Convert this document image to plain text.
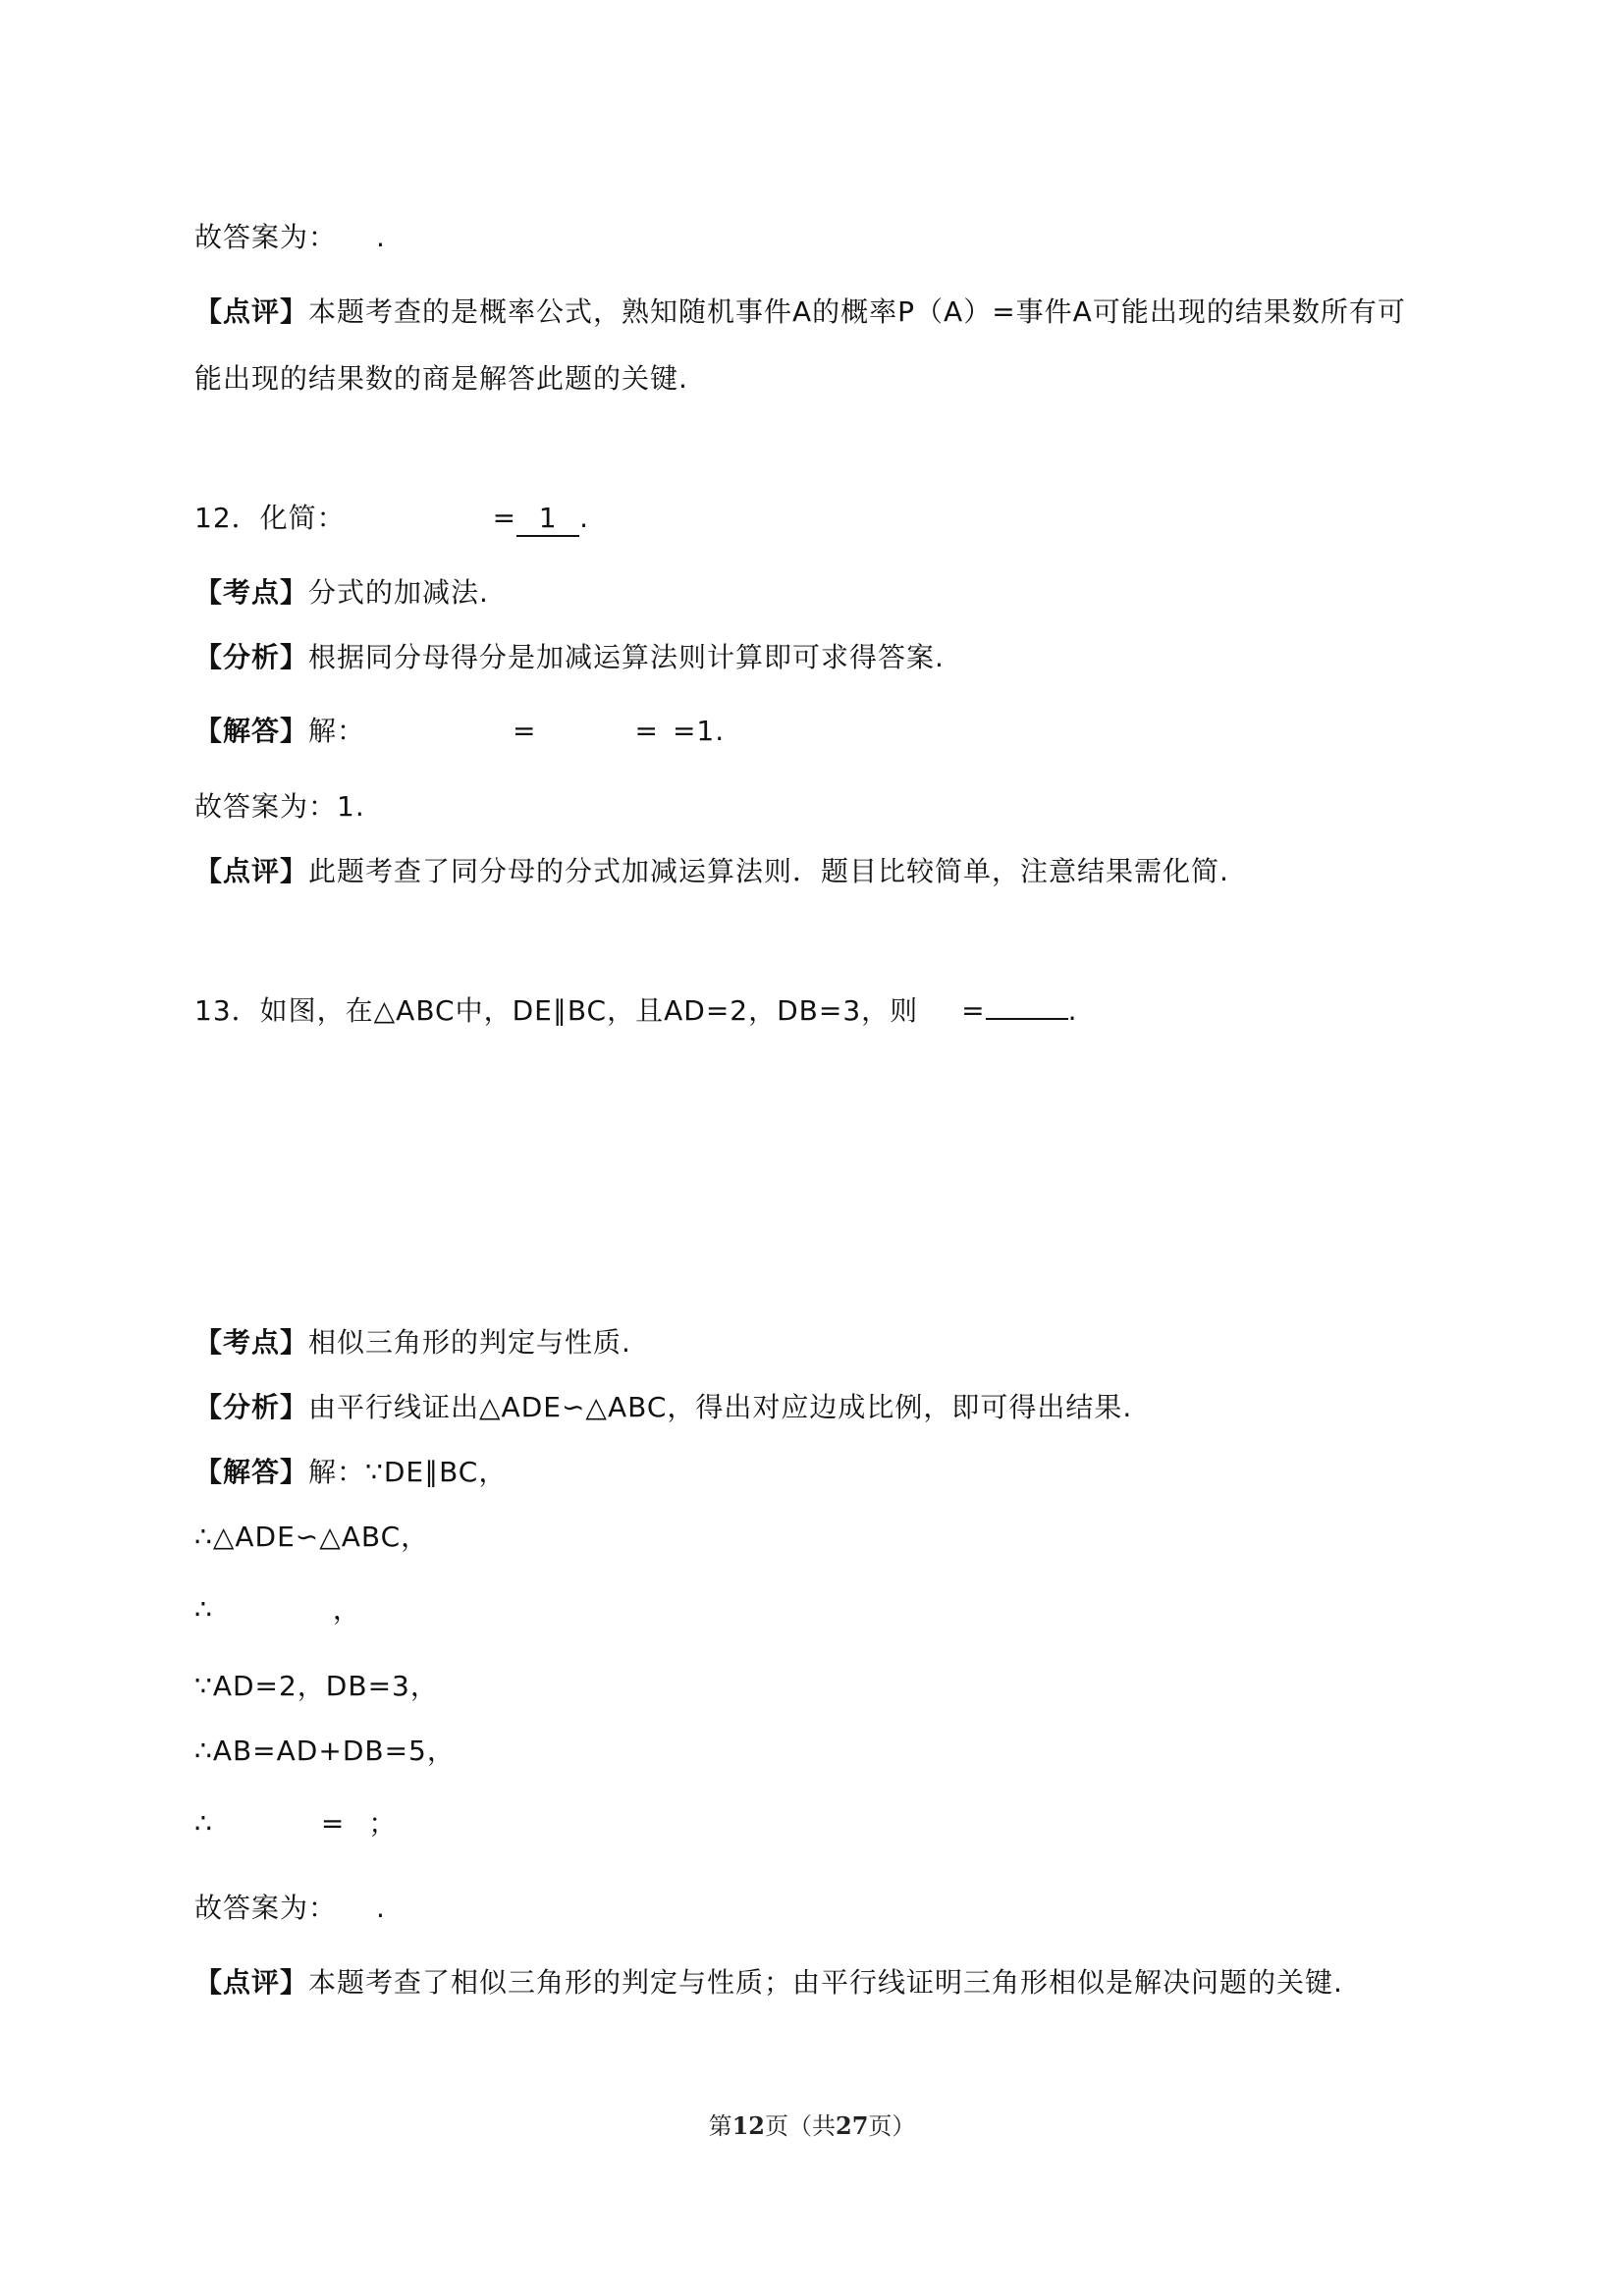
故答案为： .
【点评】本题考查的是概率公式，熟知随机事件A的概率P（A）=事件A可能出现的结果数所有可
能出现的结果数的商是解答此题的关键.
12．化简：	= 1 .
【考点】分式的加减法.
【分析】根据同分母得分是加减运算法则计算即可求得答案.
【解答】解：	=	= =1.
故答案为：1.
【点评】此题考查了同分母的分式加减运算法则．题目比较简单，注意结果需化简.
13．如图，在△ABC中，DE∥BC，且AD=2，DB=3，则 =	.
【考点】相似三角形的判定与性质.
【分析】由平行线证出△ADE∽△ABC，得出对应边成比例，即可得出结果.
【解答】解：∵DE∥BC，
∴△ADE∽△ABC，
∴	，
∵AD=2，DB=3，
∴AB=AD+DB=5，
∴	= ；
故答案为： .
【点评】本题考查了相似三角形的判定与性质；由平行线证明三角形相似是解决问题的关键.
第12页（共27页）
